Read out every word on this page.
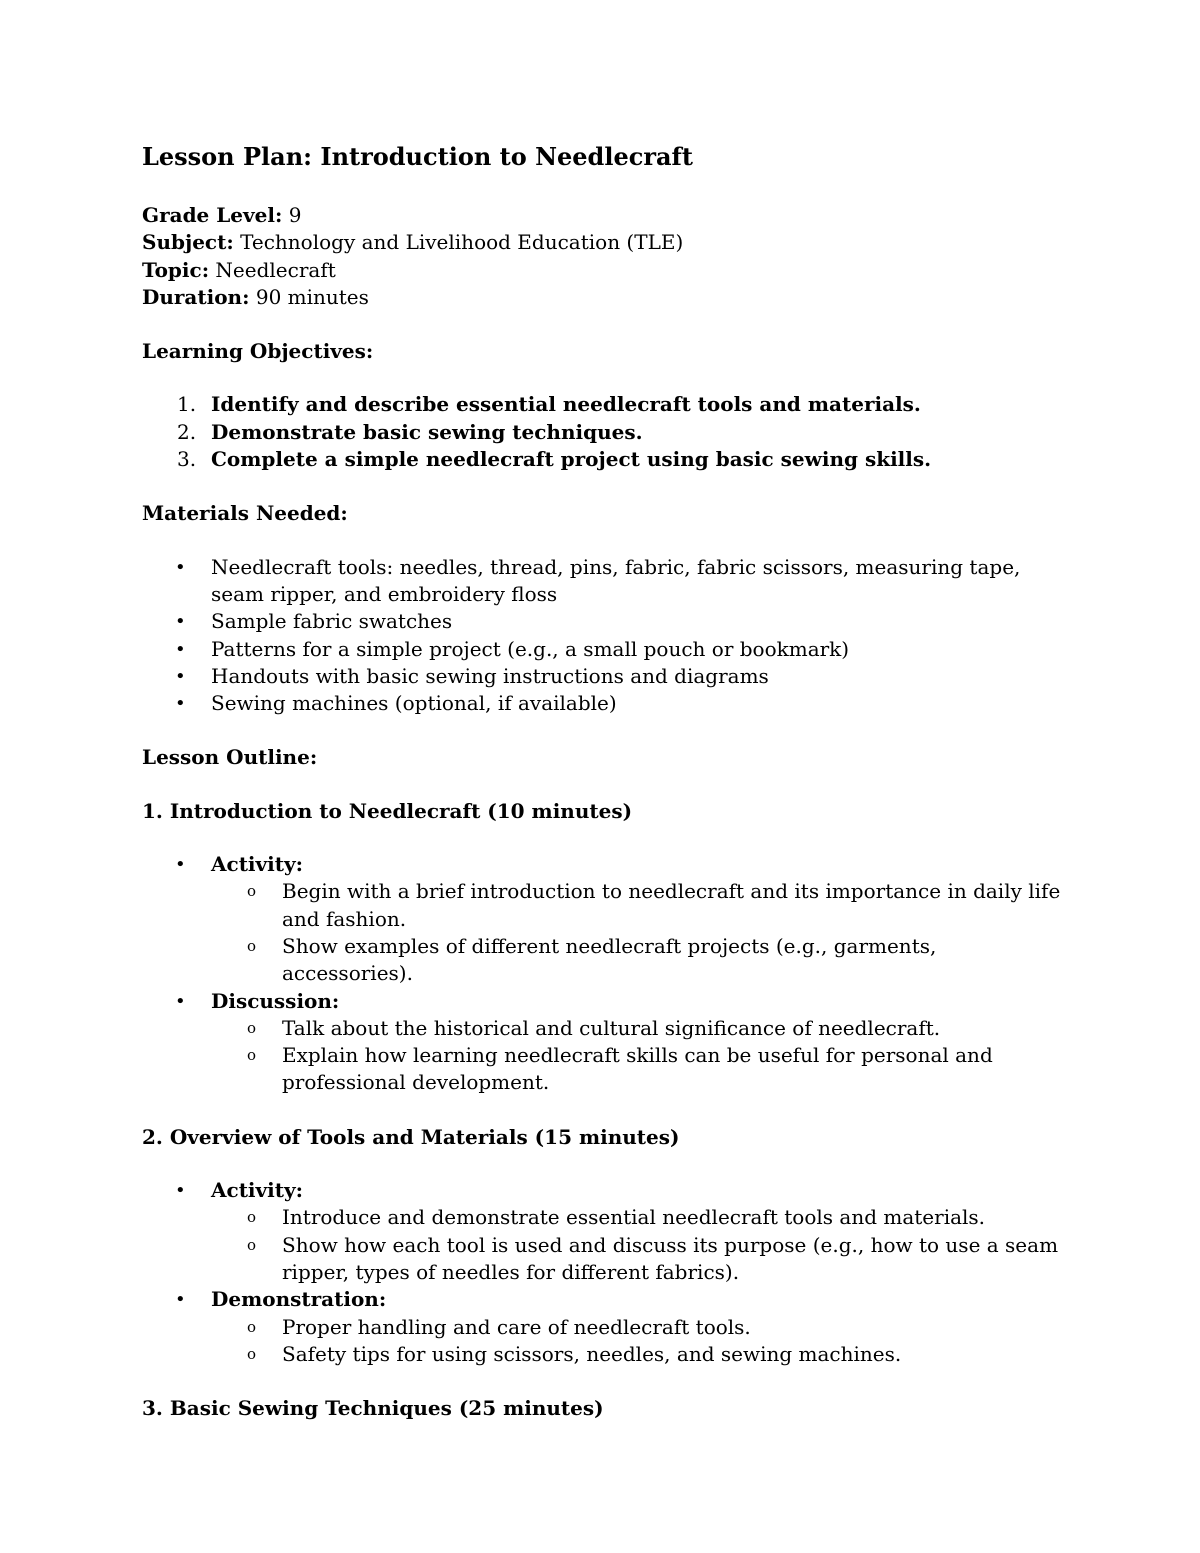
Lesson Plan: Introduction to Needlecraft

Grade Level: 9

Subject: Technology and Livelihood Education (TLE)

Topic: Needlecraft

Duration: 90 minutes

Learning Objectives:

1. Identify and describe essential needlecraft tools and materials.
2. Demonstrate basic sewing techniques.
3. Complete a simple needlecraft project using basic sewing skills.

Materials Needed:

• Needlecraft tools: needles, thread, pins, fabric, fabric scissors, measuring tape, seam ripper, and embroidery floss
• Sample fabric swatches
• Patterns for a simple project (e.g., a small pouch or bookmark)
• Handouts with basic sewing instructions and diagrams
• Sewing machines (optional, if available)

Lesson Outline:

1. Introduction to Needlecraft (10 minutes)

• Activity:
o Begin with a brief introduction to needlecraft and its importance in daily life and fashion.
o Show examples of different needlecraft projects (e.g., garments, accessories).
• Discussion:
o Talk about the historical and cultural significance of needlecraft.
o Explain how learning needlecraft skills can be useful for personal and professional development.

2. Overview of Tools and Materials (15 minutes)

• Activity:
o Introduce and demonstrate essential needlecraft tools and materials.
o Show how each tool is used and discuss its purpose (e.g., how to use a seam ripper, types of needles for different fabrics).
• Demonstration:
o Proper handling and care of needlecraft tools.
o Safety tips for using scissors, needles, and sewing machines.

3. Basic Sewing Techniques (25 minutes)
